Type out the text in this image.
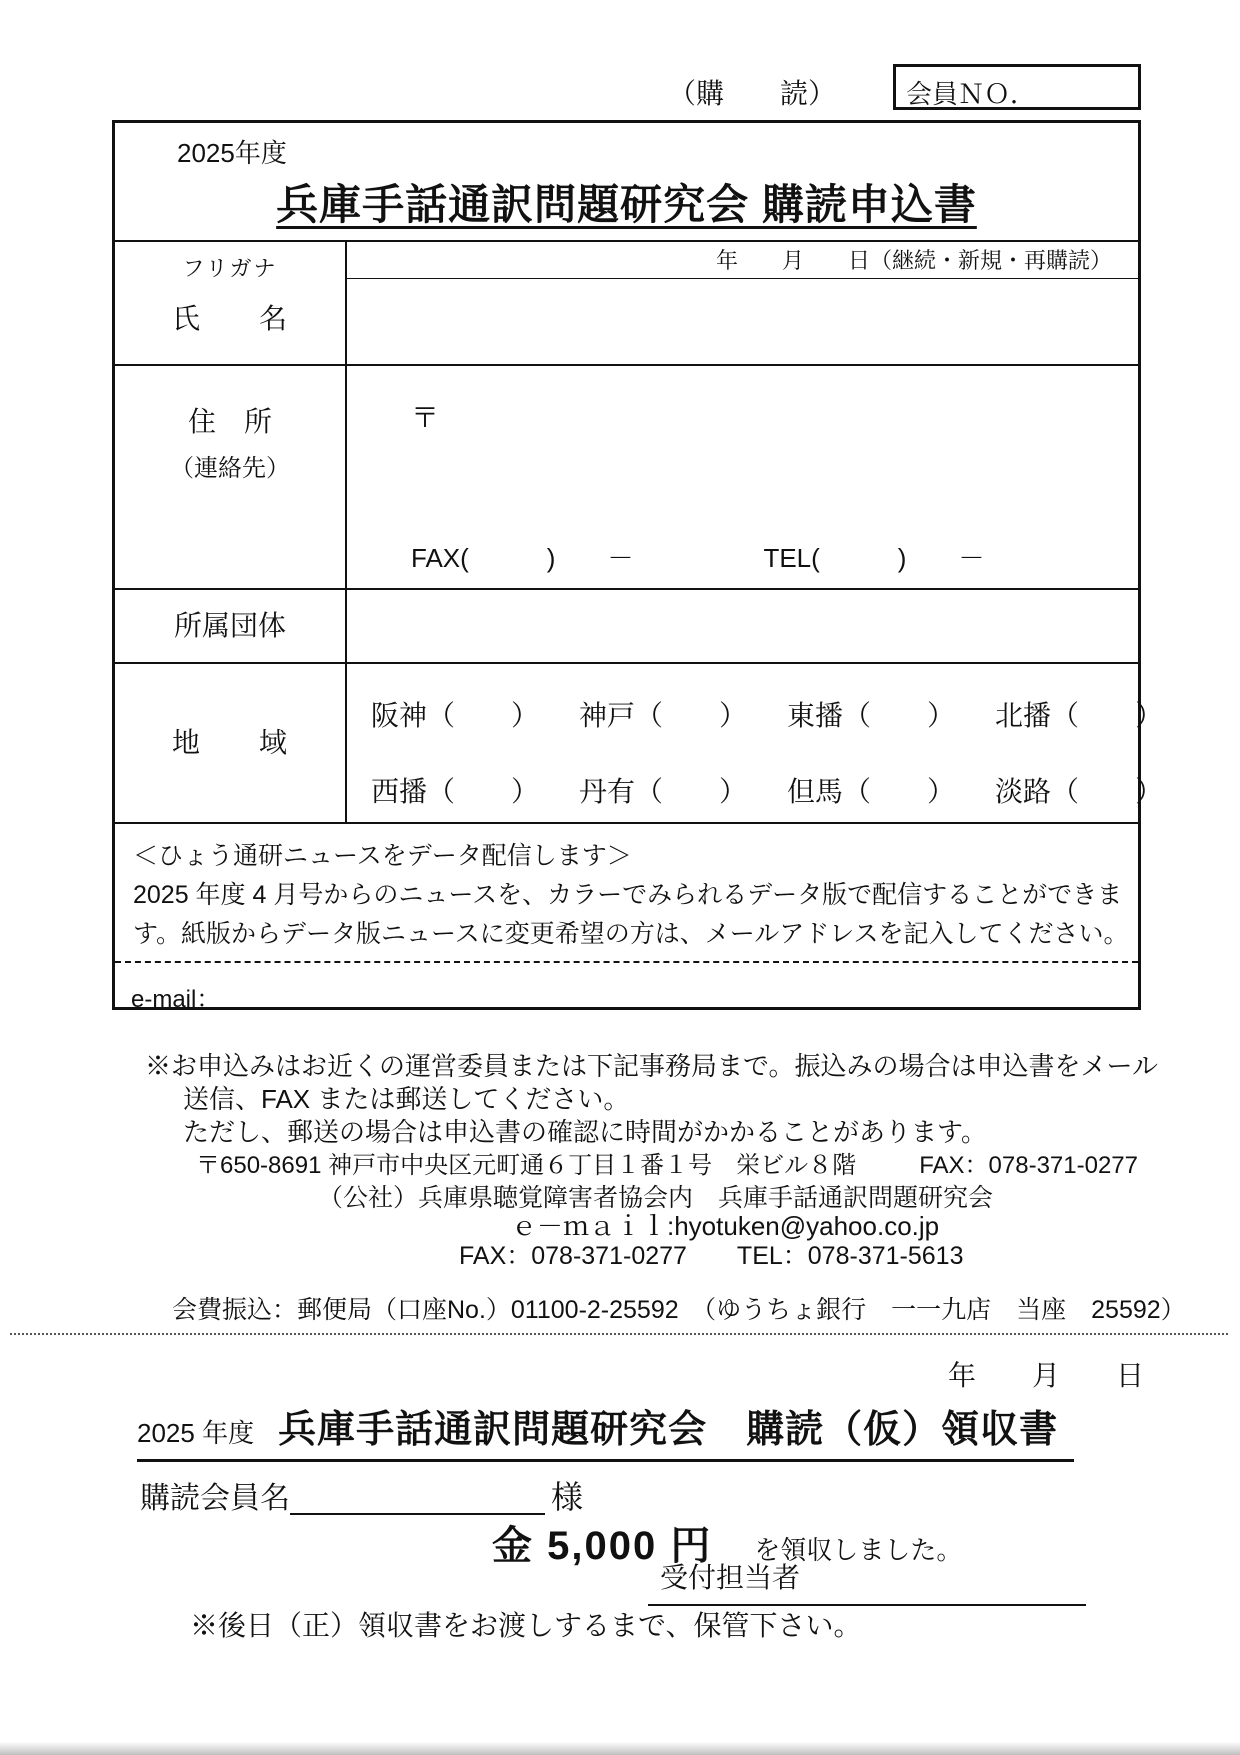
（購　　読）	会員ＮＯ．
2025年度
兵庫手話通訳問題研究会 購読申込書
年　　月　　日（継続・新規・再購読）
フリガナ
氏　　名
住　所
（連絡先）
〒
FAX(　　　)　　－　　　　　TEL(　　　)　　－
所属団体
地　　域
阪神（　　） 神戸（　　） 東播（　　） 北播（　　）
西播（　　） 丹有（　　） 但馬（　　） 淡路（　　）
＜ひょう通研ニュースをデータ配信します＞
2025 年度 4 月号からのニュースを、カラーでみられるデータ版で配信することができま
す。紙版からデータ版ニュースに変更希望の方は、メールアドレスを記入してください。
e-mail：
※お申込みはお近くの運営委員または下記事務局まで。振込みの場合は申込書をメール
送信、FAX または郵送してください。
ただし、郵送の場合は申込書の確認に時間がかかることがあります。
〒650-8691 神戸市中央区元町通６丁目１番１号　栄ビル８階	FAX：078-371-0277
（公社）兵庫県聴覚障害者協会内　兵庫手話通訳問題研究会
ｅ－ｍａｉｌ:hyotuken@yahoo.co.jp
FAX：078-371-0277　　TEL：078-371-5613
会費振込：郵便局（口座No.）01100-2-25592　（ゆうちょ銀行　一一九店　当座　25592）
年　　月　　日
2025 年度 兵庫手話通訳問題研究会　購読（仮）領収書
購読会員名	様
金 5,000 円 を領収しました。
受付担当者
※後日（正）領収書をお渡しするまで、保管下さい。
